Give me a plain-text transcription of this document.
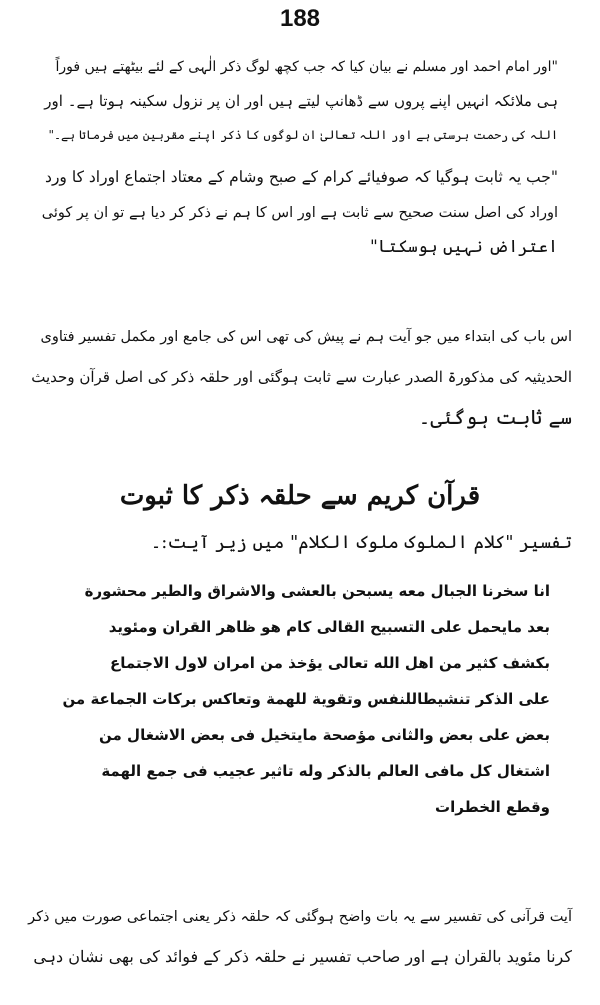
188
"اور امام احمد اور مسلم نے بیان کیا کہ جب کچھ لوگ ذکر الٰہی کے لئے بیٹھتے ہیں فوراً
ہی ملائکہ انہیں اپنے پروں سے ڈھانپ لیتے ہیں اور ان پر نزول سکینہ ہوتا ہے۔ اور
اللہ کی رحمت برستی ہے اور اللہ تعالیٰ ان لوگوں کا ذکر اپنے مقربین میں فرماتا ہے۔"
"جب یہ ثابت ہوگیا کہ صوفیائے کرام کے صبح وشام کے معتاد اجتماع اوراد کا ورد
اوراد کی اصل سنت صحیح سے ثابت ہے اور اس کا ہم نے ذکر کر دیا ہے تو ان پر کوئی
اعتراض نہیں ہوسکتا"
اس باب کی ابتداء میں جو آیت ہم نے پیش کی تھی اس کی جامع اور مکمل تفسیر فتاوی
الحدیثیہ کی مذکورۃ الصدر عبارت سے ثابت ہوگئی اور حلقہ ذکر کی اصل قرآن وحدیث
سے ثابت ہوگئی۔
قرآن کریم سے حلقہ ذکر کا ثبوت
تفسیر "کلام الملوک ملوک الکلام" میں زیر آیت:۔
انا سخرنا الجبال معه يسبحن بالعشى والاشراق والطير محشورة
بعد مايحمل على التسبيح القالى كام هو ظاهر القران ومئويد
بكشف كثير من اهل الله تعالى يؤخذ من امران لاول الاجتماع
على الذكر تنشيطاللنفس وتقوية للهمة وتعاكس بركات الجماعة من
بعض على بعض والثانى مؤصحة مايتخيل فى بعض الاشغال من
اشتغال كل مافى العالم بالذكر وله تاثير عجيب فى جمع الهمة
وقطع الخطرات
آیت قرآنی کی تفسیر سے یہ بات واضح ہوگئی کہ حلقہ ذکر یعنی اجتماعی صورت میں ذکر
کرنا مئوید بالقران ہے اور صاحب تفسیر نے حلقہ ذکر کے فوائد کی بھی نشان دہی
